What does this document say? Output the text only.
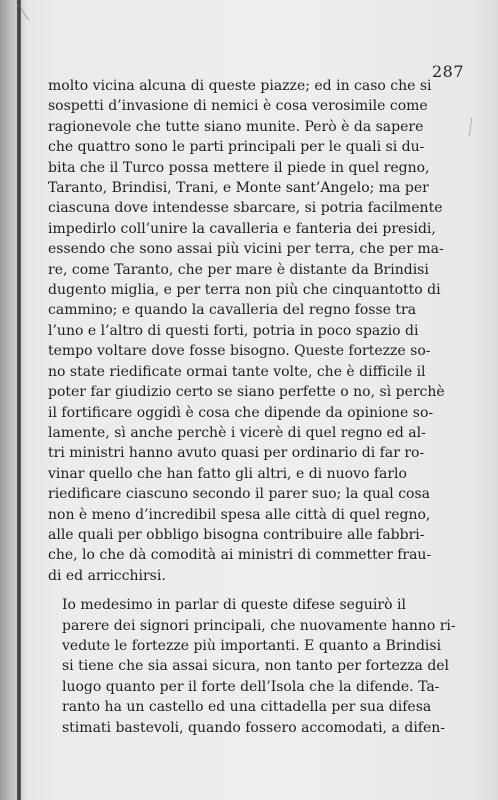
287

molto vicina alcuna di queste piazze; ed in caso che si
sospetti d’invasione di nemici è cosa verosimile come
ragionevole che tutte siano munite. Però è da sapere
che quattro sono le parti principali per le quali si du-
bita che il Turco possa mettere il piede in quel regno,
Taranto, Brindisi, Trani, e Monte sant’Angelo; ma per
ciascuna dove intendesse sbarcare, si potria facilmente
impedirlo coll’unire la cavalleria e fanteria dei presidi,
essendo che sono assai più vicini per terra, che per ma-
re, come Taranto, che per mare è distante da Brindisi
dugento miglia, e per terra non più che cinquantotto di
cammino; e quando la cavalleria del regno fosse tra
l’uno e l’altro di questi forti, potria in poco spazio di
tempo voltare dove fosse bisogno. Queste fortezze so-
no state riedificate ormai tante volte, che è difficile il
poter far giudizio certo se siano perfette o no, sì perchè
il fortificare oggidì è cosa che dipende da opinione so-
lamente, sì anche perchè i vicerè di quel regno ed al-
tri ministri hanno avuto quasi per ordinario di far ro-
vinar quello che han fatto gli altri, e di nuovo farlo
riedificare ciascuno secondo il parer suo; la qual cosa
non è meno d’incredibil spesa alle città di quel regno,
alle quali per obbligo bisogna contribuire alle fabbri-
che, lo che dà comodità ai ministri di commetter frau-
di ed arricchirsi.

Io medesimo in parlar di queste difese seguirò il
parere dei signori principali, che nuovamente hanno ri-
vedute le fortezze più importanti. E quanto a Brindisi
si tiene che sia assai sicura, non tanto per fortezza del
luogo quanto per il forte dell’Isola che la difende. Ta-
ranto ha un castello ed una cittadella per sua difesa
stimati bastevoli, quando fossero accomodati, a difen-
